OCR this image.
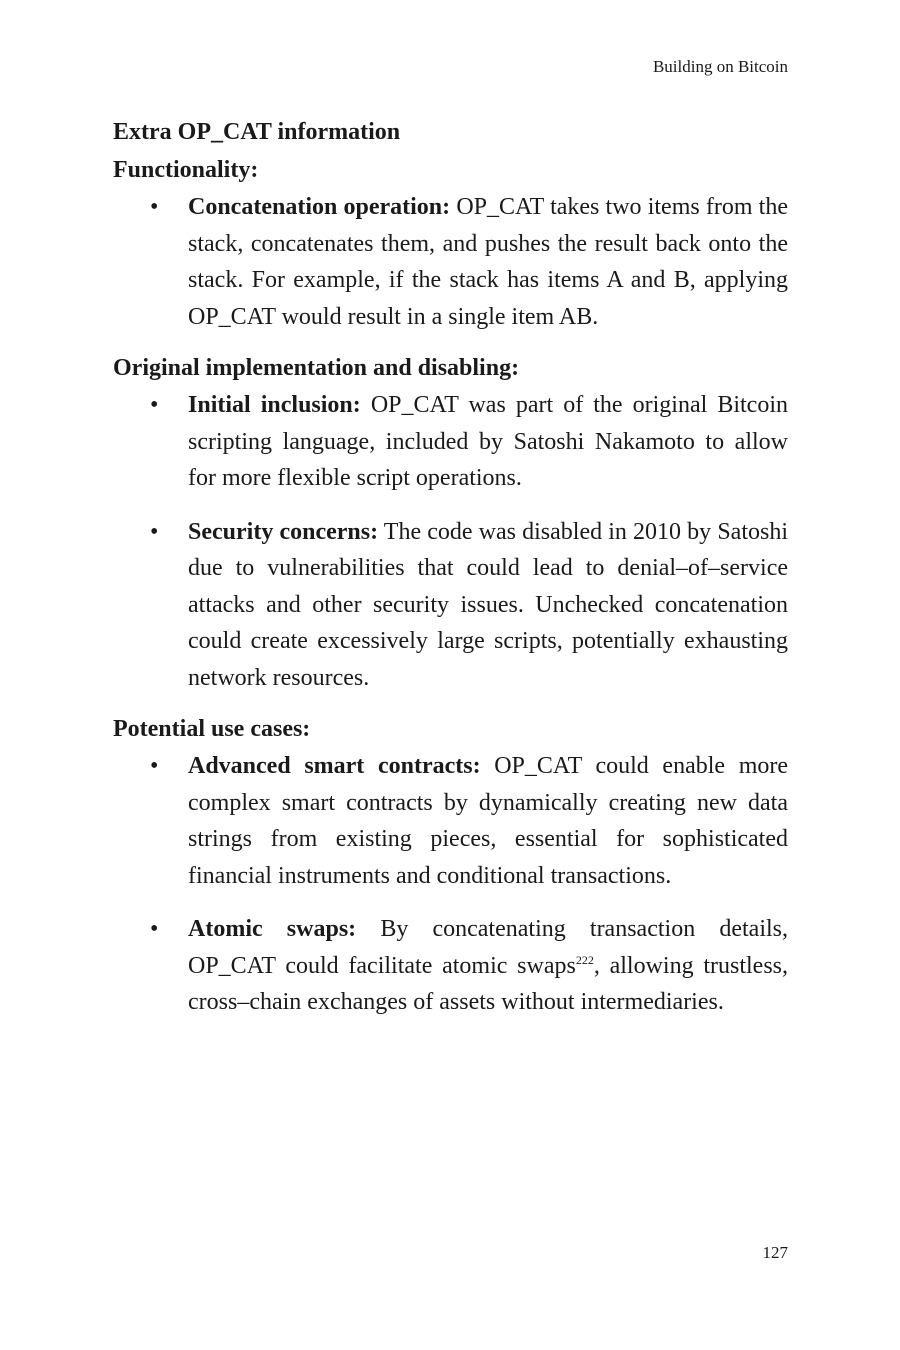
Building on Bitcoin
Extra OP_CAT information
Functionality:
• Concatenation operation: OP_CAT takes two items from the stack, concatenates them, and pushes the result back onto the stack. For example, if the stack has items A and B, applying OP_CAT would result in a single item AB.
Original implementation and disabling:
• Initial inclusion: OP_CAT was part of the original Bitcoin scripting language, included by Satoshi Nakamoto to allow for more flexible script operations.
• Security concerns: The code was disabled in 2010 by Satoshi due to vulnerabilities that could lead to denial–of–service attacks and other security issues. Unchecked concatenation could create excessively large scripts, potentially exhausting network resources.
Potential use cases:
• Advanced smart contracts: OP_CAT could enable more complex smart contracts by dynamically creating new data strings from existing pieces, essential for sophisticated financial instruments and conditional transactions.
• Atomic swaps: By concatenating transaction details, OP_CAT could facilitate atomic swaps$^{222}$, allowing trustless, cross–chain exchanges of assets without intermediaries.
127
